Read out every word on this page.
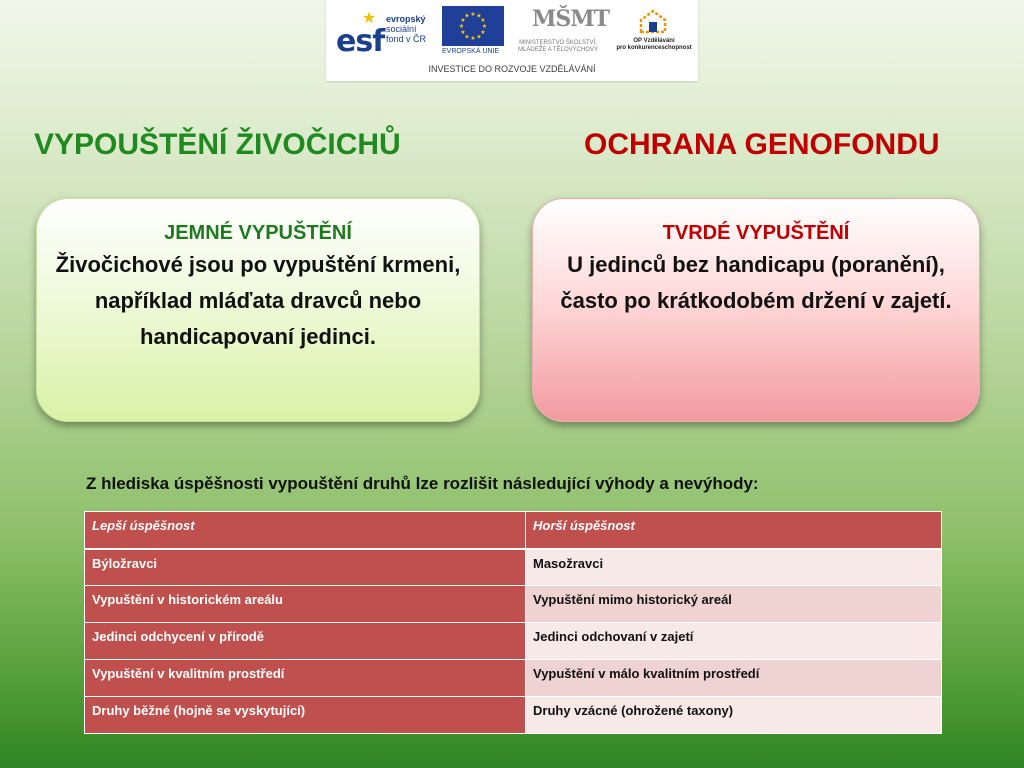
★
esf
evropský
sociální
fond v ČR
★ ★
★
★
★
★
★
★
★
★
★
★
EVROPSKÁ UNIE
MŠMT
MINISTERSTVO ŠKOLSTVÍ,
MLÁDEŽE A TĚLOVÝCHOVY
OP Vzdělávání
pro konkurenceschopnost
INVESTICE DO ROZVOJE VZDĚLÁVÁNÍ
VYPOUŠTĚNÍ ŽIVOČICHŮ	OCHRANA GENOFONDU
JEMNÉ VYPUŠTĚNÍ
Živočichové jsou po vypuštění krmeni, například mláďata dravců nebo handicapovaní jedinci.
TVRDÉ VYPUŠTĚNÍ
U jedinců bez handicapu (poranění), často po krátkodobém držení v zajetí.
Z hlediska úspěšnosti vypouštění druhů lze rozlišit následující výhody a nevýhody:
Lepší úspěšnost	Horší úspěšnost
Býložravci	Masožravci
Vypuštění v historickém areálu	Vypuštění mimo historický areál
Jedinci odchycení v přírodě	Jedinci odchovaní v zajetí
Vypuštění v kvalitním prostředí	Vypuštění v málo kvalitním prostředí
Druhy běžné (hojně se vyskytující)	Druhy vzácné (ohrožené taxony)
